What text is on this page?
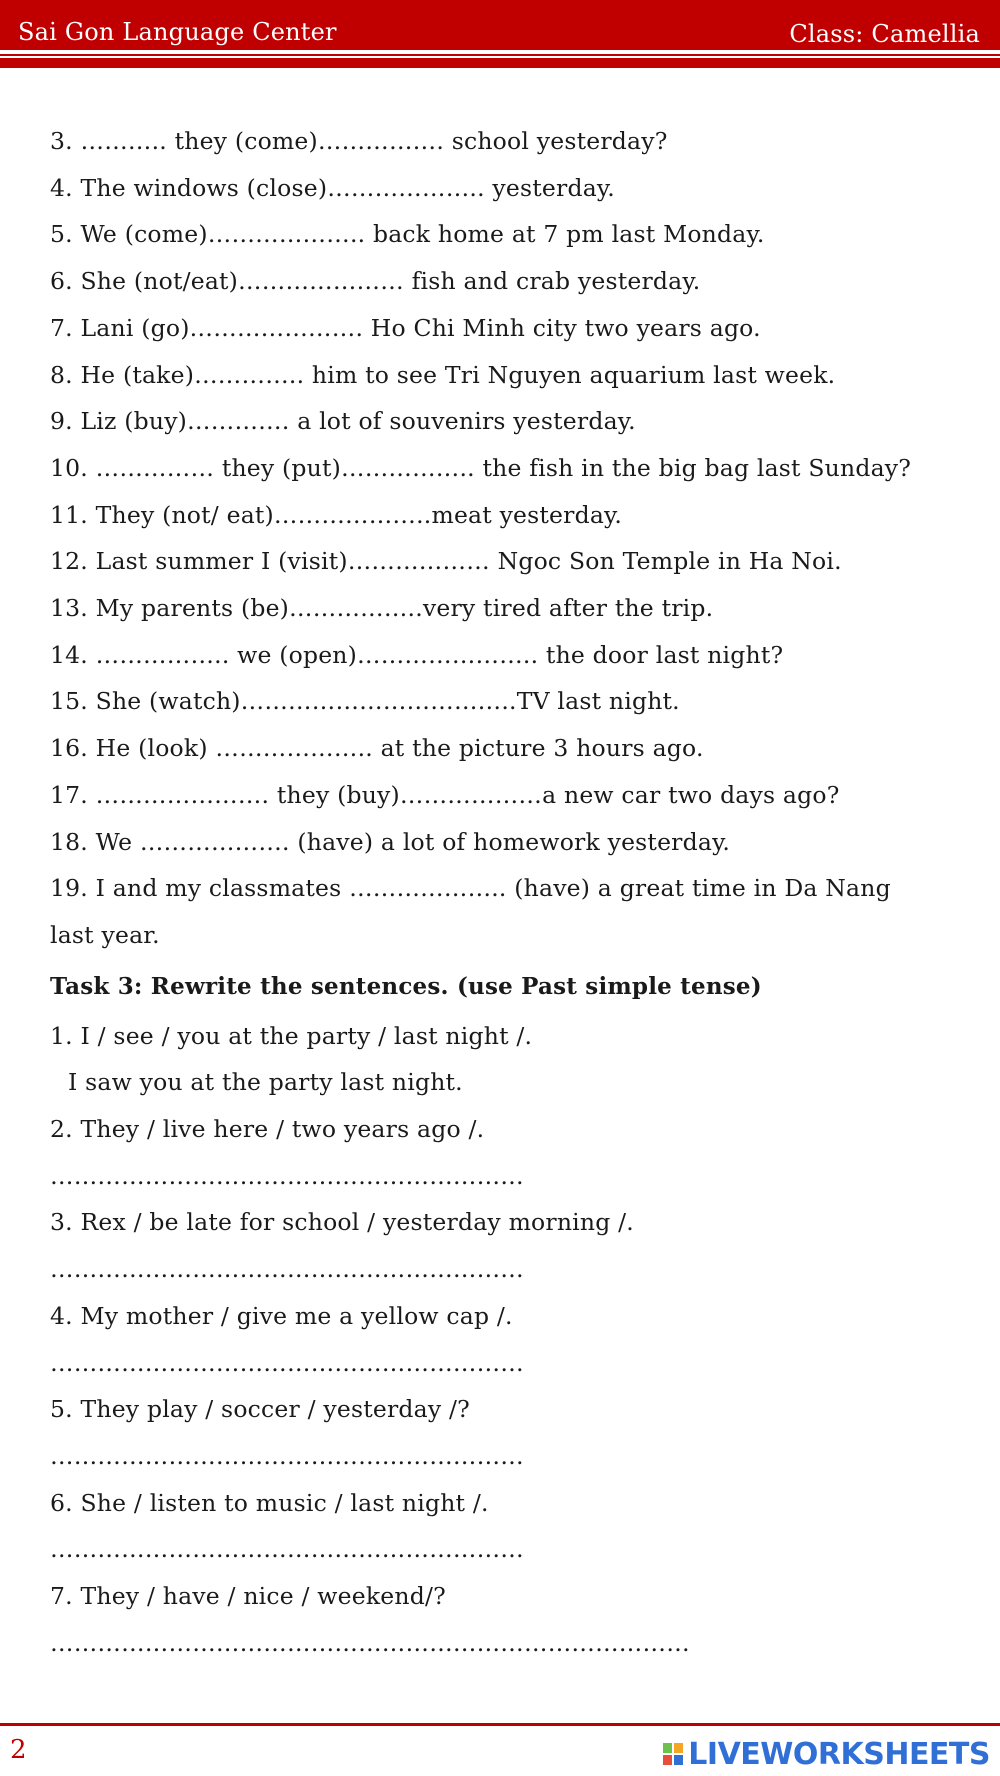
Sai Gon Language Center	Class: Camellia
3. ……….. they (come)……………. school yesterday?
4. The windows (close)……………….. yesterday.
5. We (come)……………….. back home at 7 pm last Monday.
6. She (not/eat)………………… fish and crab yesterday.
7. Lani (go)…………………. Ho Chi Minh city two years ago.
8. He (take)………….. him to see Tri Nguyen aquarium last week.
9. Liz (buy)…………. a lot of souvenirs yesterday.
10. …………… they (put)…………….. the fish in the big bag last Sunday?
11. They (not/ eat)………………..meat yesterday.
12. Last summer I (visit)……………… Ngoc Son Temple in Ha Noi.
13. My parents (be)……………..very tired after the trip.
14. …………….. we (open)………………….. the door last night?
15. She (watch)……………………………..TV last night.
16. He (look) ……………….. at the picture 3 hours ago.
17. …………………. they (buy)………………a new car two days ago?
18. We ………………. (have) a lot of homework yesterday.
19. I and my classmates ……………….. (have) a great time in Da Nang
last year.
Task 3: Rewrite the sentences. (use Past simple tense)
1. I / see / you at the party / last night /.
I saw you at the party last night.
2. They / live here / two years ago /.
……………………………………………………
3. Rex / be late for school / yesterday morning /.
……………………………………………………
4. My mother / give me a yellow cap /.
……………………………………………………
5. They play / soccer / yesterday /?
……………………………………………………
6. She / listen to music / last night /.
……………………………………………………
7. They / have / nice / weekend/?
………………………………………………………………………
2	LIVEWORKSHEETS
